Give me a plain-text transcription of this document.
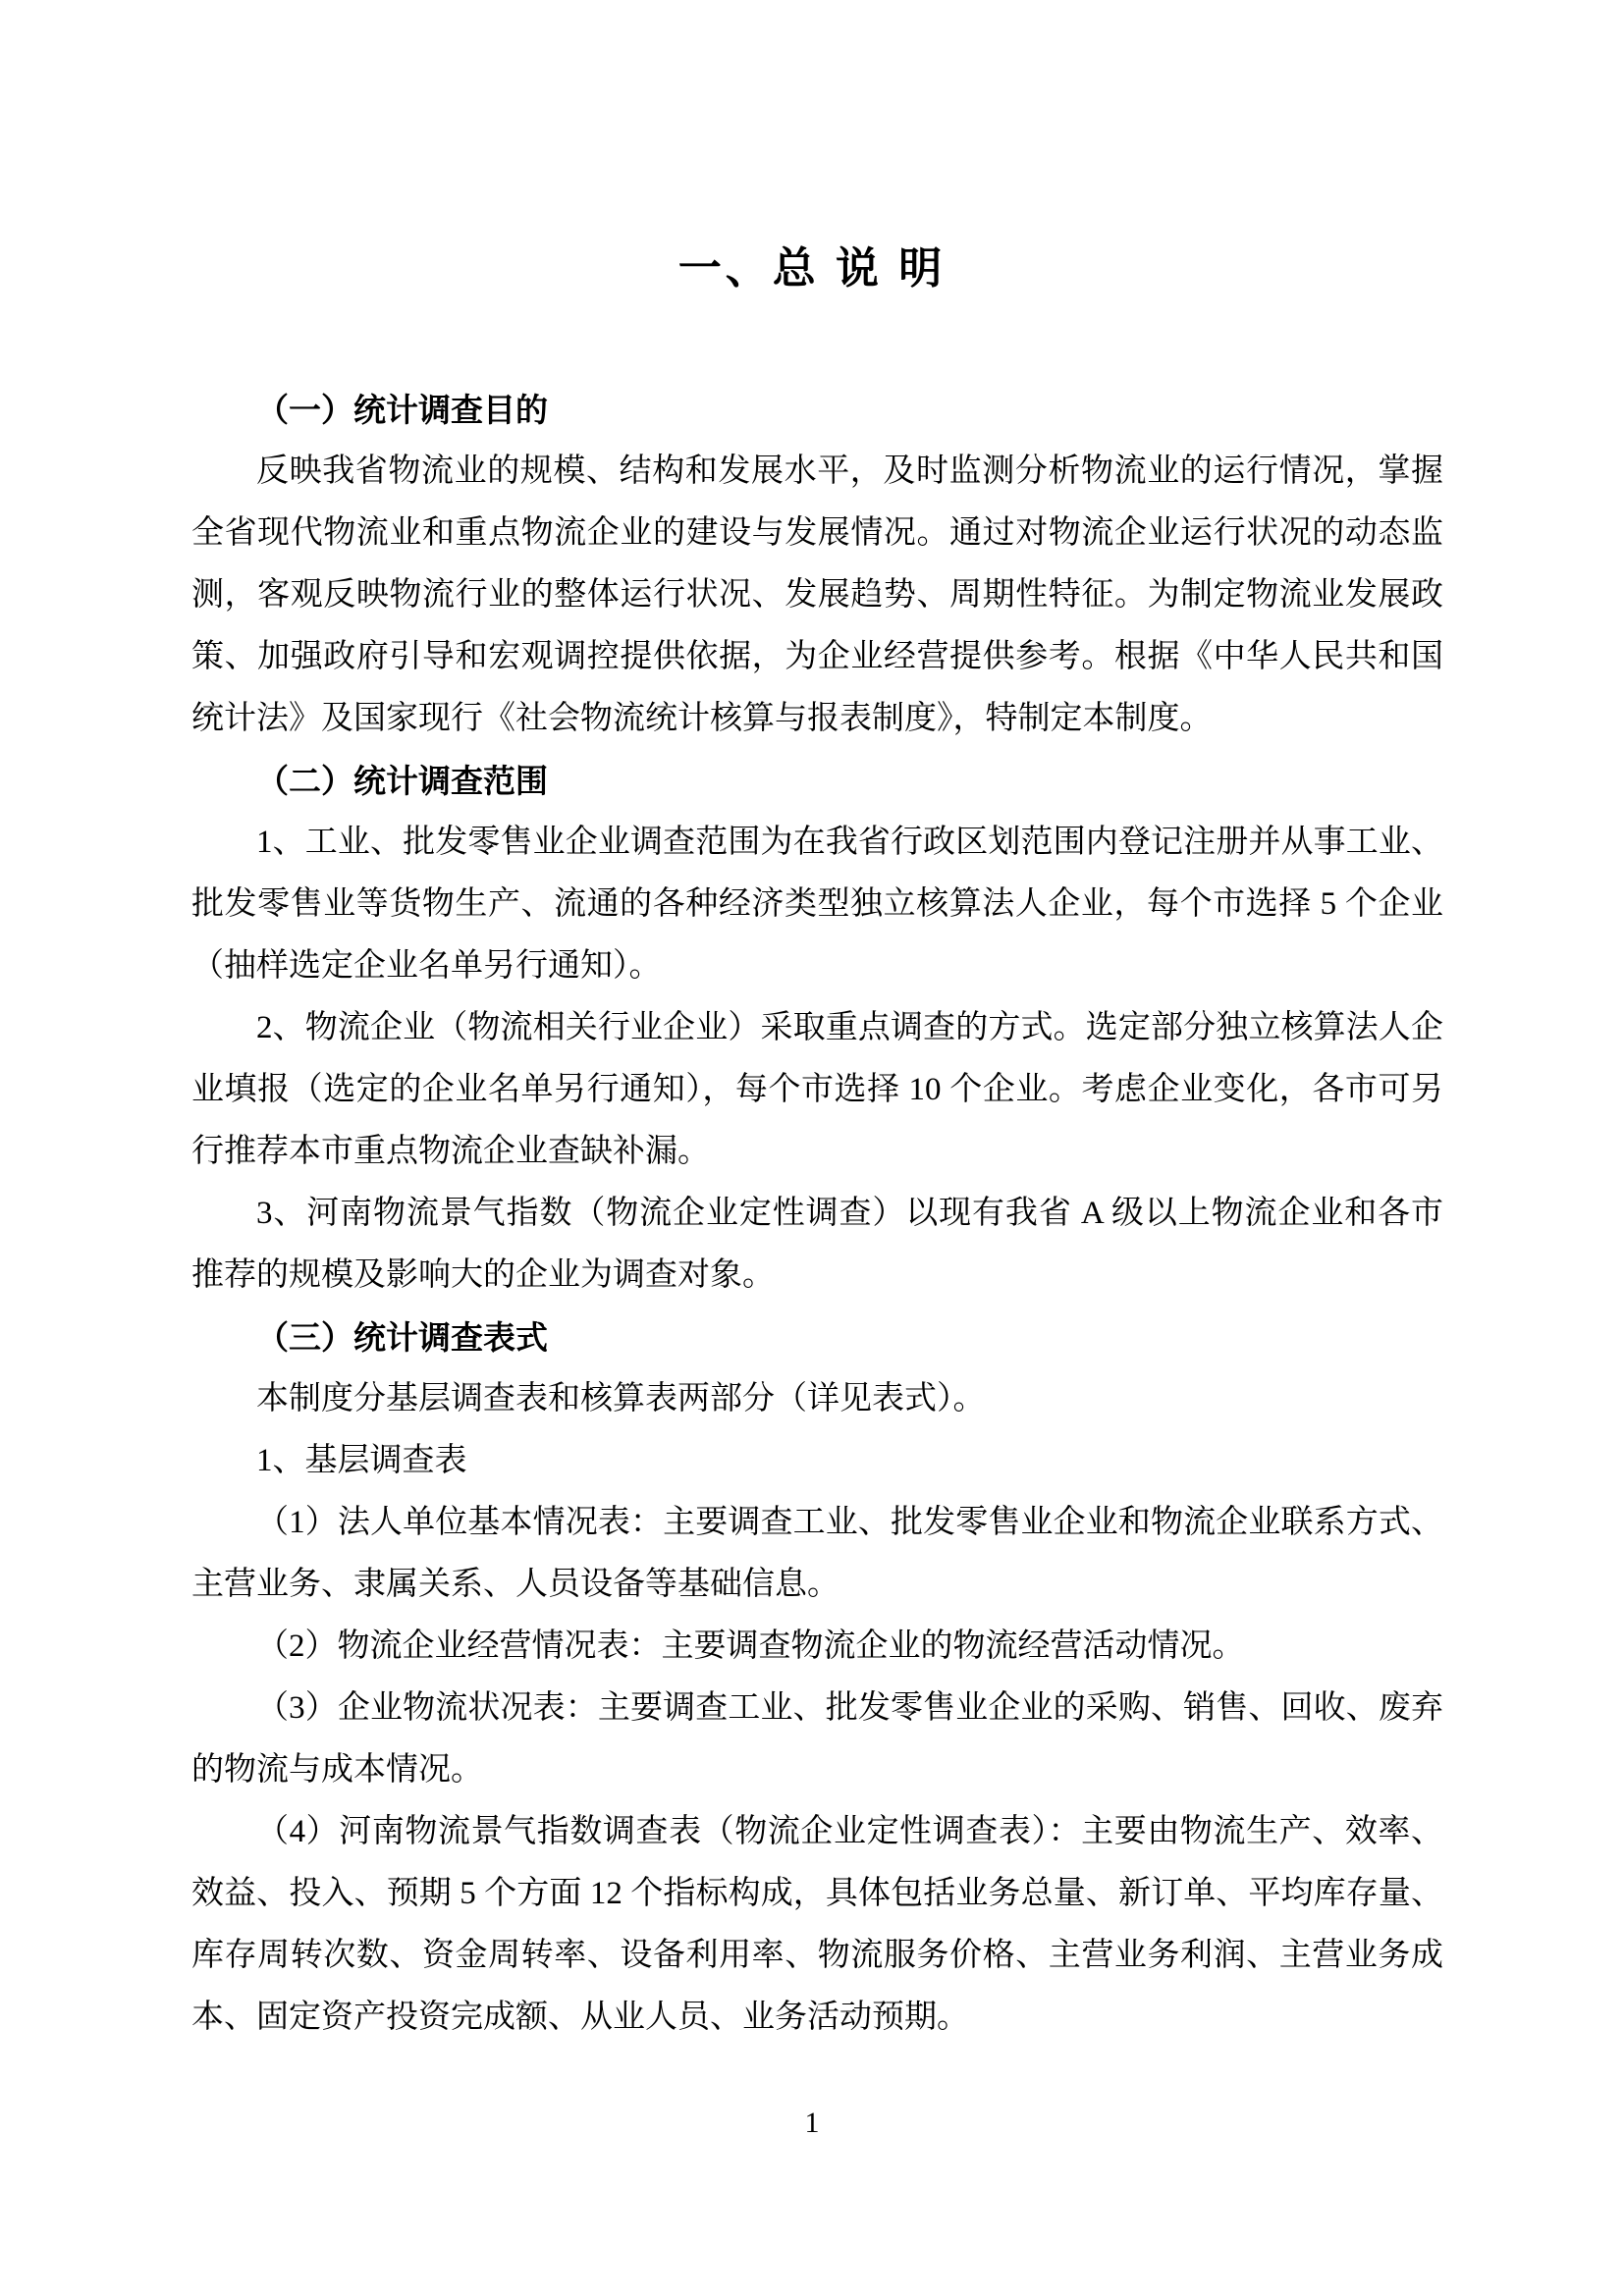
一、总 说 明

（一）统计调查目的

反映我省物流业的规模、结构和发展水平，及时监测分析物流业的运行情况，掌握全省现代物流业和重点物流企业的建设与发展情况。通过对物流企业运行状况的动态监测，客观反映物流行业的整体运行状况、发展趋势、周期性特征。为制定物流业发展政策、加强政府引导和宏观调控提供依据，为企业经营提供参考。根据《中华人民共和国统计法》及国家现行《社会物流统计核算与报表制度》，特制定本制度。

（二）统计调查范围

1、工业、批发零售业企业调查范围为在我省行政区划范围内登记注册并从事工业、批发零售业等货物生产、流通的各种经济类型独立核算法人企业，每个市选择 5 个企业（抽样选定企业名单另行通知）。

2、物流企业（物流相关行业企业）采取重点调查的方式。选定部分独立核算法人企业填报（选定的企业名单另行通知），每个市选择 10 个企业。考虑企业变化，各市可另行推荐本市重点物流企业查缺补漏。

3、河南物流景气指数（物流企业定性调查）以现有我省 A 级以上物流企业和各市推荐的规模及影响大的企业为调查对象。

（三）统计调查表式

本制度分基层调查表和核算表两部分（详见表式）。

1、基层调查表

（1）法人单位基本情况表：主要调查工业、批发零售业企业和物流企业联系方式、主营业务、隶属关系、人员设备等基础信息。

（2）物流企业经营情况表：主要调查物流企业的物流经营活动情况。

（3）企业物流状况表：主要调查工业、批发零售业企业的采购、销售、回收、废弃的物流与成本情况。

（4）河南物流景气指数调查表（物流企业定性调查表）：主要由物流生产、效率、效益、投入、预期 5 个方面 12 个指标构成，具体包括业务总量、新订单、平均库存量、库存周转次数、资金周转率、设备利用率、物流服务价格、主营业务利润、主营业务成本、固定资产投资完成额、从业人员、业务活动预期。

1
